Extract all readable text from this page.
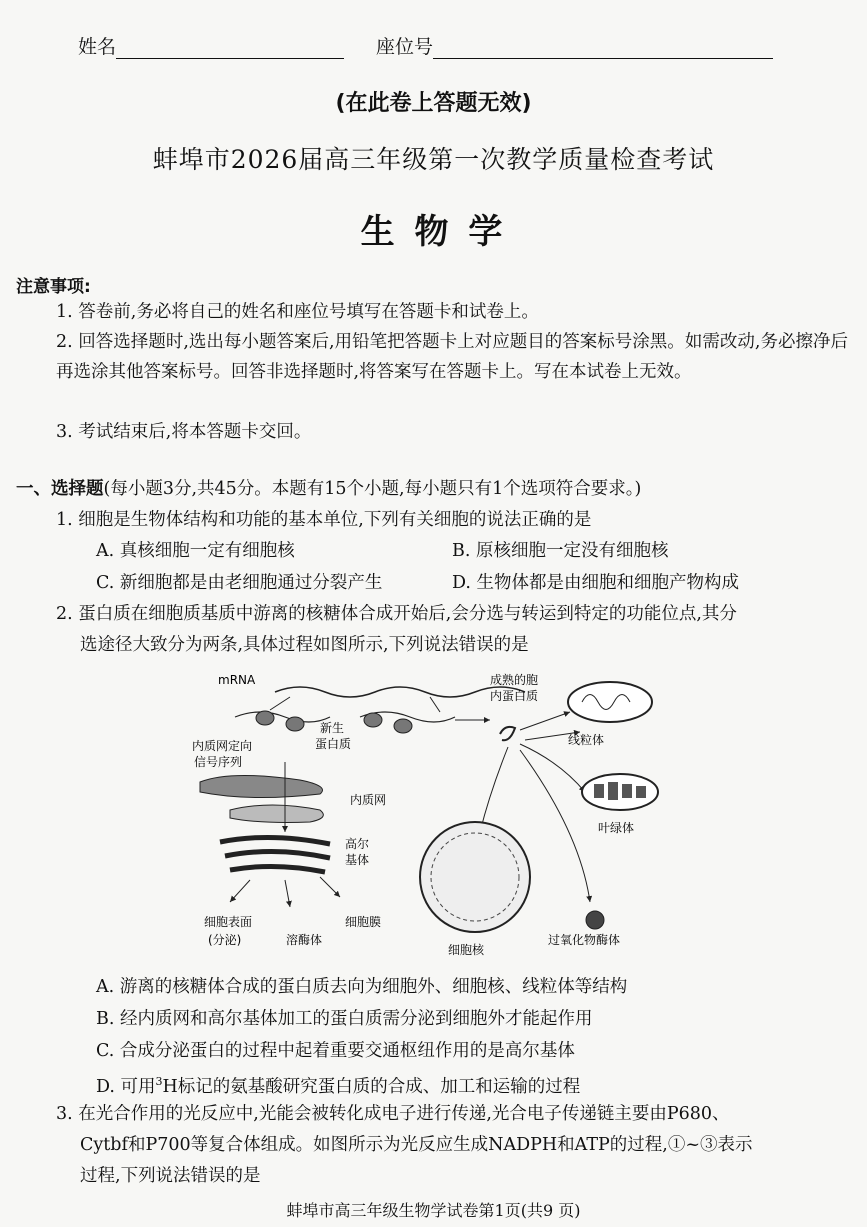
姓名	座位号
(在此卷上答题无效)
蚌埠市2026届高三年级第一次教学质量检查考试
生 物 学
注意事项:
1. 答卷前,务必将自己的姓名和座位号填写在答题卡和试卷上。
2. 回答选择题时,选出每小题答案后,用铅笔把答题卡上对应题目的答案标号涂黑。如需改动,务必擦净后再选涂其他答案标号。回答非选择题时,将答案写在答题卡上。写在本试卷上无效。
3. 考试结束后,将本答题卡交回。
一、选择题(每小题3分,共45分。本题有15个小题,每小题只有1个选项符合要求。)
1. 细胞是生物体结构和功能的基本单位,下列有关细胞的说法正确的是
A. 真核细胞一定有细胞核	B. 原核细胞一定没有细胞核
C. 新细胞都是由老细胞通过分裂产生	D. 生物体都是由细胞和细胞产物构成
2. 蛋白质在细胞质基质中游离的核糖体合成开始后,会分选与转运到特定的功能位点,其分
选途径大致分为两条,具体过程如图所示,下列说法错误的是
mRNA
新生
蛋白质
内质网定向
信号序列
内质网
高尔
基体
细胞表面
(分泌)	溶酶体
细胞膜
成熟的胞
内蛋白质
线粒体
叶绿体
细胞核
过氧化物酶体
A. 游离的核糖体合成的蛋白质去向为细胞外、细胞核、线粒体等结构
B. 经内质网和高尔基体加工的蛋白质需分泌到细胞外才能起作用
C. 合成分泌蛋白的过程中起着重要交通枢纽作用的是高尔基体
D. 可用$^3$H标记的氨基酸研究蛋白质的合成、加工和运输的过程
3. 在光合作用的光反应中,光能会被转化成电子进行传递,光合电子传递链主要由P680、
Cytbf和P700等复合体组成。如图所示为光反应生成NADPH和ATP的过程,①~③表示
过程,下列说法错误的是
蚌埠市高三年级生物学试卷第1页(共9 页)
